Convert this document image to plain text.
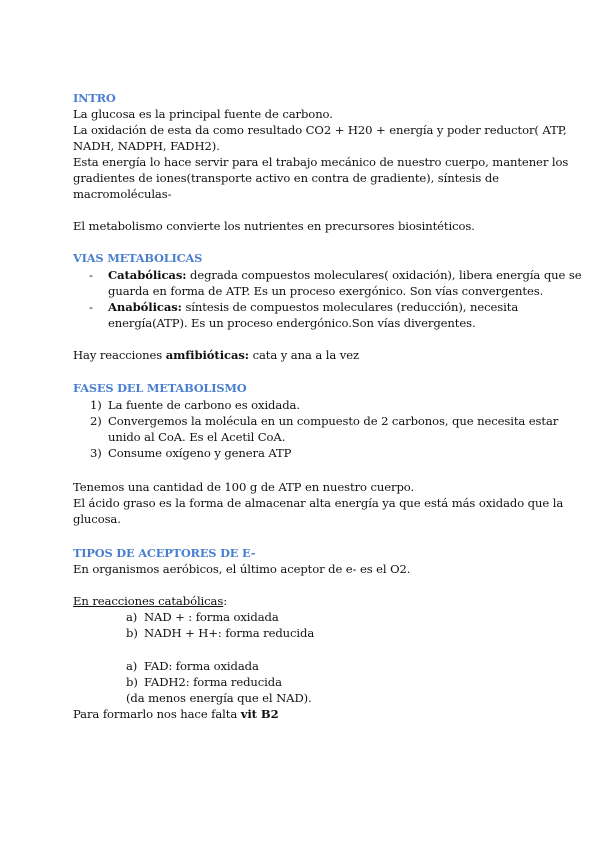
INTRO
La glucosa es la principal fuente de carbono.
La oxidación de esta da como resultado CO2 + H20 + energía y poder reductor( ATP,
NADH, NADPH, FADH2).
Esta energía lo hace servir para el trabajo mecánico de nuestro cuerpo, mantener los
gradientes de iones(transporte activo en contra de gradiente), síntesis de
macromoléculas-
El metabolismo convierte los nutrientes en precursores biosintéticos.
VIAS METABOLICAS
- Catabólicas: degrada compuestos moleculares( oxidación), libera energía que se
guarda en forma de ATP. Es un proceso exergónico. Son vías convergentes.
- Anabólicas: síntesis de compuestos moleculares (reducción), necesita
energía(ATP). Es un proceso endergónico.Son vías divergentes.
Hay reacciones amfibióticas: cata y ana a la vez
FASES DEL METABOLISMO
1) La fuente de carbono es oxidada.
2) Convergemos la molécula en un compuesto de 2 carbonos, que necesita estar
unido al CoA. Es el Acetil CoA.
3) Consume oxígeno y genera ATP
Tenemos una cantidad de 100 g de ATP en nuestro cuerpo.
El ácido graso es la forma de almacenar alta energía ya que está más oxidado que la
glucosa.
TIPOS DE ACEPTORES DE E-
En organismos aeróbicos, el último aceptor de e- es el O2.
En reacciones catabólicas:
a) NAD + : forma oxidada
b) NADH + H+: forma reducida
a) FAD: forma oxidada
b) FADH2: forma reducida
(da menos energía que el NAD).
Para formarlo nos hace falta vit B2
